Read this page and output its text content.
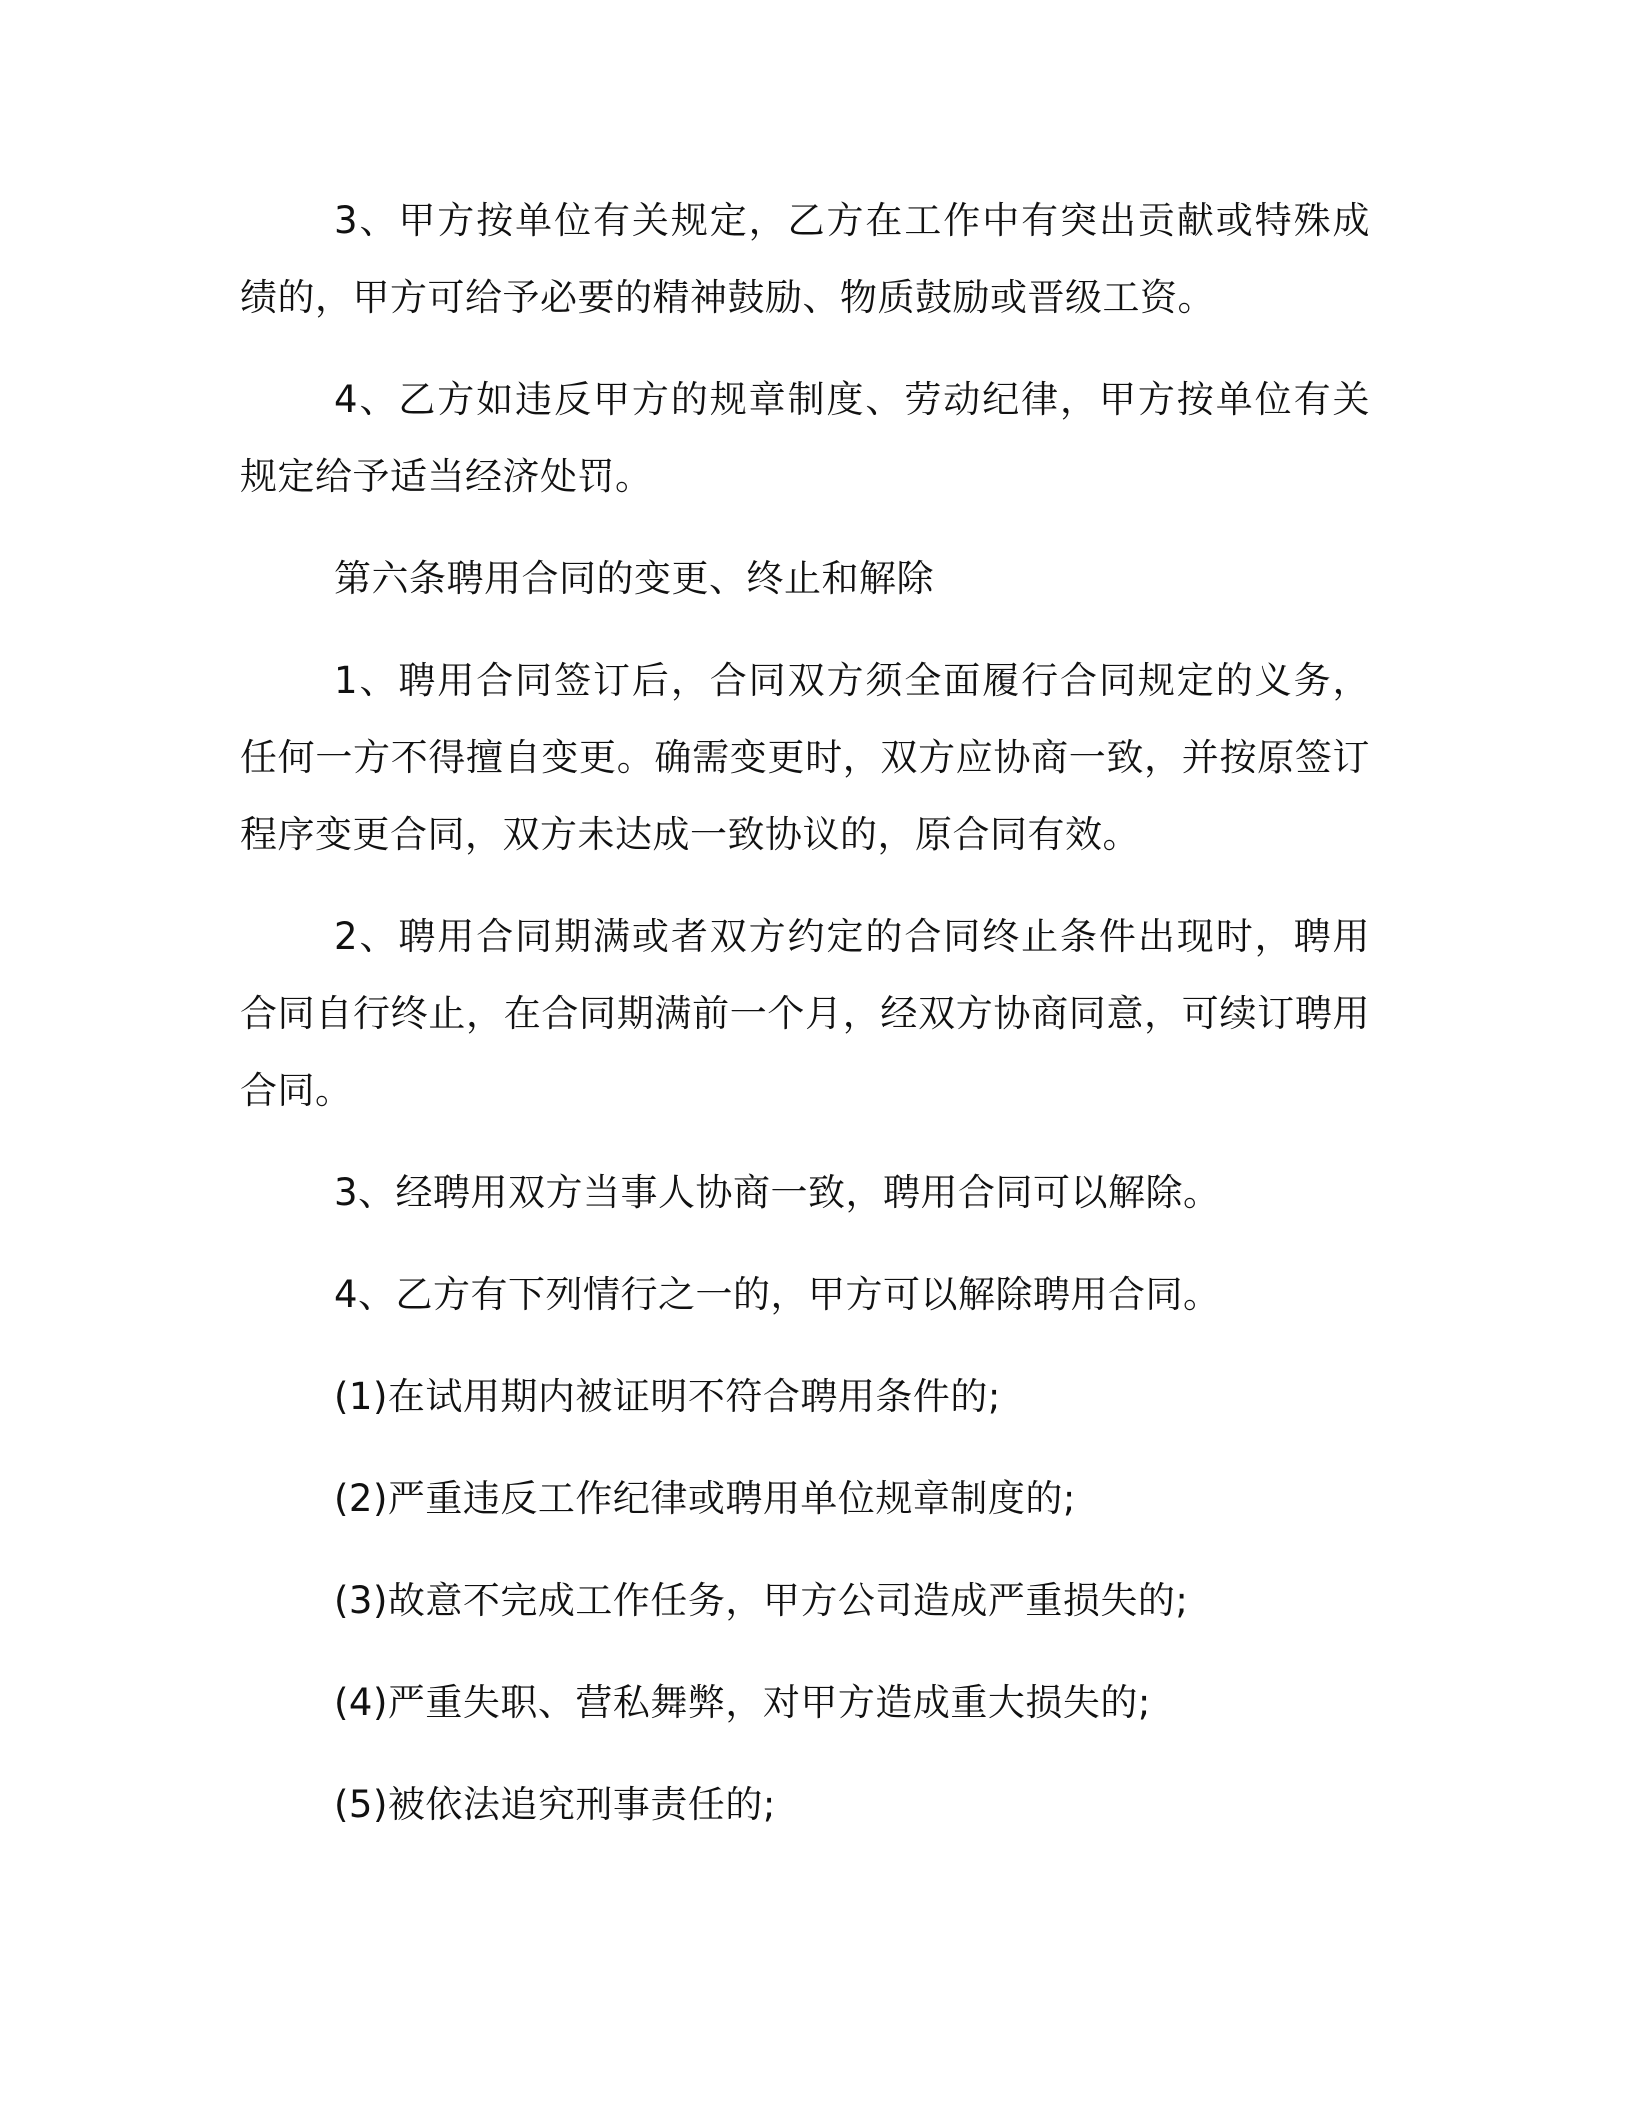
3、甲方按单位有关规定，乙方在工作中有突出贡献或特殊成绩的，甲方可给予必要的精神鼓励、物质鼓励或晋级工资。

4、乙方如违反甲方的规章制度、劳动纪律，甲方按单位有关规定给予适当经济处罚。

第六条聘用合同的变更、终止和解除

1、聘用合同签订后，合同双方须全面履行合同规定的义务，任何一方不得擅自变更。确需变更时，双方应协商一致，并按原签订程序变更合同，双方未达成一致协议的，原合同有效。

2、聘用合同期满或者双方约定的合同终止条件出现时，聘用合同自行终止，在合同期满前一个月，经双方协商同意，可续订聘用合同。

3、经聘用双方当事人协商一致，聘用合同可以解除。

4、乙方有下列情行之一的，甲方可以解除聘用合同。

(1)在试用期内被证明不符合聘用条件的;

(2)严重违反工作纪律或聘用单位规章制度的;

(3)故意不完成工作任务，甲方公司造成严重损失的;

(4)严重失职、营私舞弊，对甲方造成重大损失的;

(5)被依法追究刑事责任的;
